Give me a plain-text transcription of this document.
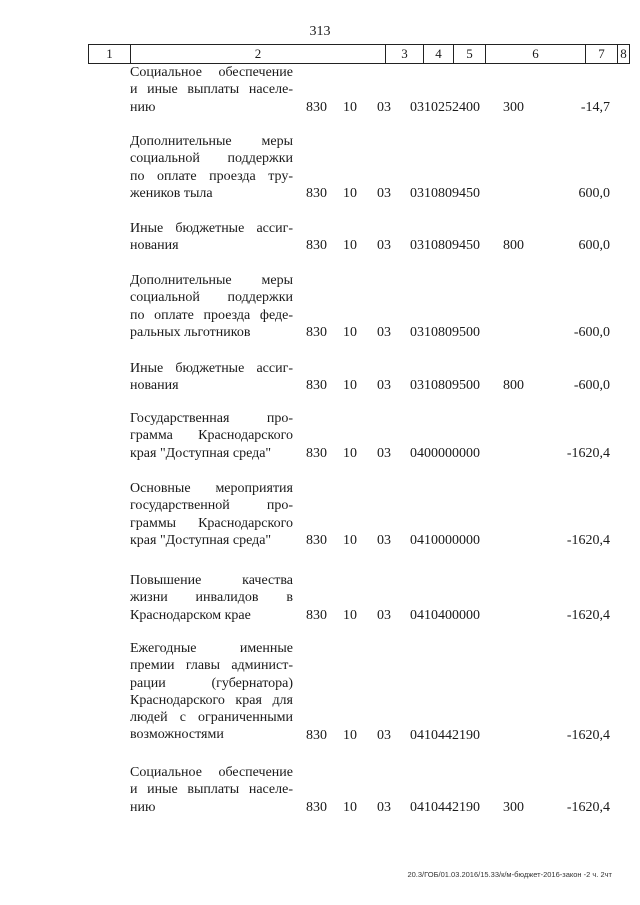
313
1	2	3	4	5	6	7	8
Социальное обеспечение
и иные выплаты населе-
нию	830 10 03 0310252400 300	-14,7
Дополнительные меры
социальной поддержки
по оплате проезда тру-
жеников тыла	830 10 03 0310809450	600,0
Иные бюджетные ассиг-
нования	830 10 03 0310809450 800	600,0
Дополнительные меры
социальной поддержки
по оплате проезда феде-
ральных льготников	830 10 03 0310809500	-600,0
Иные бюджетные ассиг-
нования	830 10 03 0310809500 800	-600,0
Государственная про-
грамма Краснодарского
края "Доступная среда"	830 10 03 0400000000	-1620,4
Основные мероприятия
государственной про-
граммы Краснодарского
края "Доступная среда"	830 10 03 0410000000	-1620,4
Повышение качества
жизни инвалидов в
Краснодарском крае	830 10 03 0410400000	-1620,4
Ежегодные именные
премии главы админист-
рации (губернатора)
Краснодарского края для
людей с ограниченными
возможностями	830 10 03 0410442190	-1620,4
Социальное обеспечение
и иные выплаты населе-
нию	830 10 03 0410442190 300	-1620,4
20.3/ГОБ/01.03.2016/15.33/к/м-бюджет-2016-закон -2 ч. 2чт
